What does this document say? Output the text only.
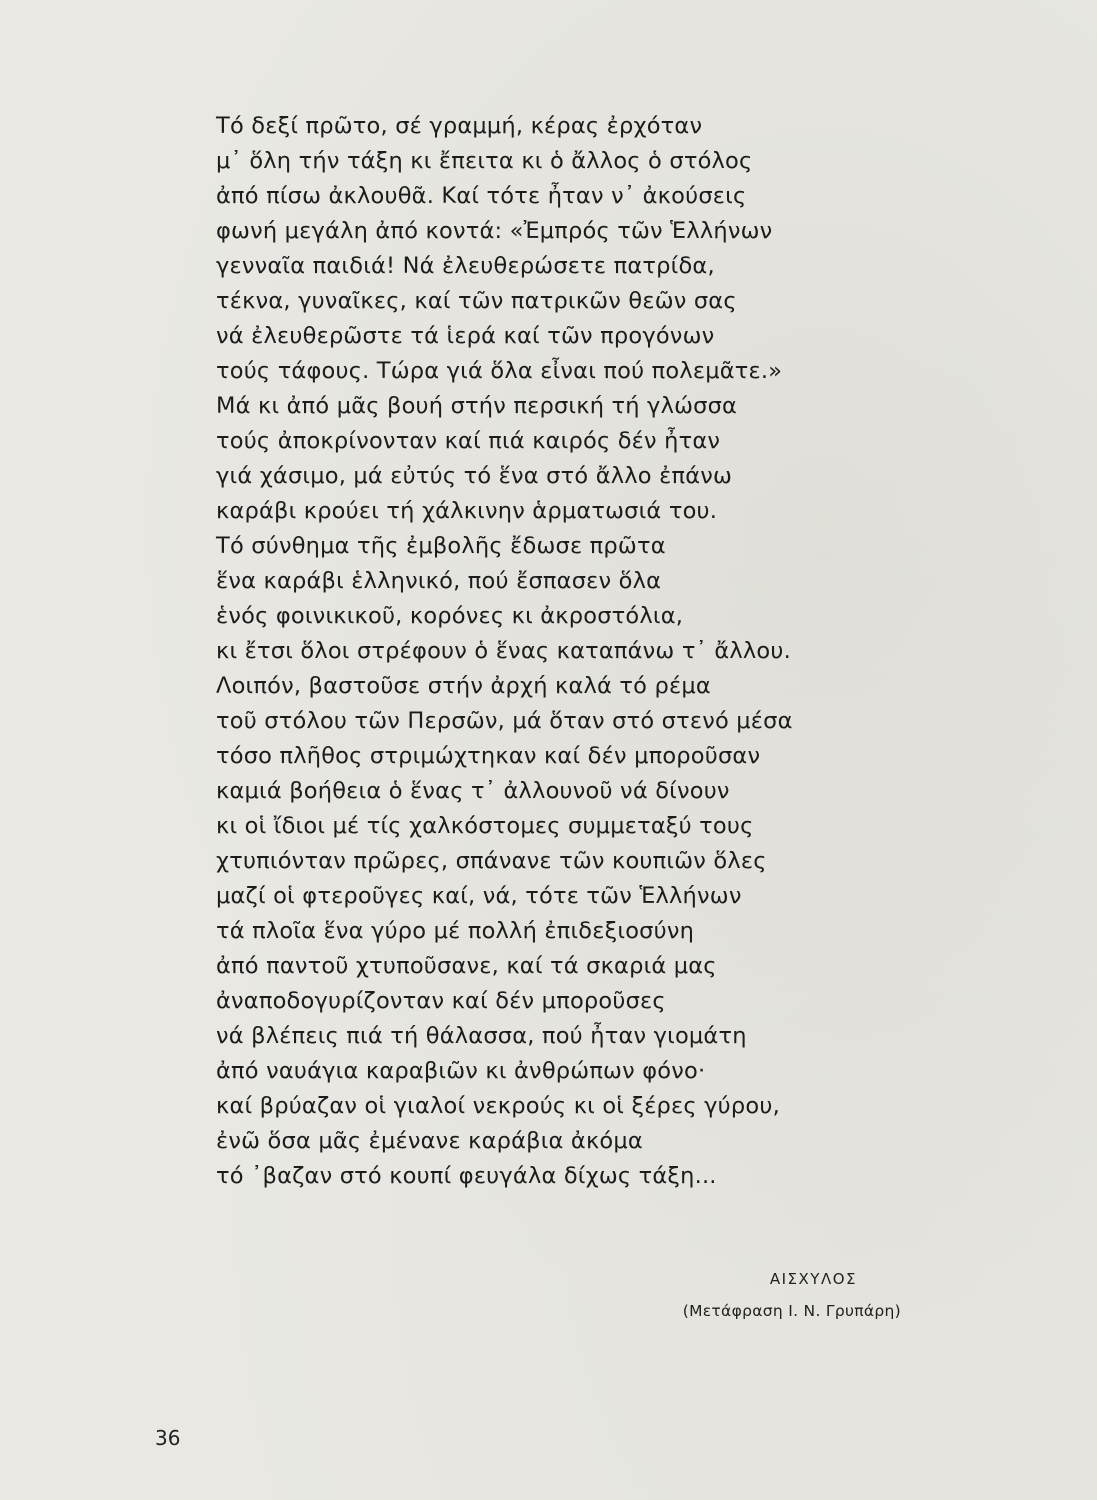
Τό δεξί πρῶτο, σέ γραμμή, κέρας ἐρχόταν
μ᾽ ὅλη τήν τάξη κι ἔπειτα κι ὁ ἄλλος ὁ στόλος
ἀπό πίσω ἀκλουθᾶ. Καί τότε ἦταν ν᾽ ἀκούσεις
φωνή μεγάλη ἀπό κοντά: «Ἐμπρός τῶν Ἑλλήνων
γενναῖα παιδιά! Νά ἐλευθερώσετε πατρίδα,
τέκνα, γυναῖκες, καί τῶν πατρικῶν θεῶν σας
νά ἐλευθερῶστε τά ἱερά καί τῶν προγόνων
τούς τάφους. Τώρα γιά ὅλα εἶναι πού πολεμᾶτε.»
Μά κι ἀπό μᾶς βουή στήν περσική τή γλώσσα
τούς ἀποκρίνονταν καί πιά καιρός δέν ἦταν
γιά χάσιμο, μά εὐτύς τό ἕνα στό ἄλλο ἐπάνω
καράβι κρούει τή χάλκινην ἁρματωσιά του.
Τό σύνθημα τῆς ἐμβολῆς ἔδωσε πρῶτα
ἕνα καράβι ἑλληνικό, πού ἔσπασεν ὅλα
ἑνός φοινικικοῦ, κορόνες κι ἀκροστόλια,
κι ἔτσι ὅλοι στρέφουν ὁ ἕνας καταπάνω τ᾽ ἄλλου.
Λοιπόν, βαστοῦσε στήν ἀρχή καλά τό ρέμα
τοῦ στόλου τῶν Περσῶν, μά ὅταν στό στενό μέσα
τόσο πλῆθος στριμώχτηκαν καί δέν μποροῦσαν
καμιά βοήθεια ὁ ἕνας τ᾽ ἀλλουνοῦ νά δίνουν
κι οἱ ἴδιοι μέ τίς χαλκόστομες συμμεταξύ τους
χτυπιόνταν πρῶρες, σπάνανε τῶν κουπιῶν ὅλες
μαζί οἱ φτεροῦγες καί, νά, τότε τῶν Ἑλλήνων
τά πλοῖα ἕνα γύρο μέ πολλή ἐπιδεξιοσύνη
ἀπό παντοῦ χτυποῦσανε, καί τά σκαριά μας
ἀναποδογυρίζονταν καί δέν μποροῦσες
νά βλέπεις πιά τή θάλασσα, πού ἦταν γιομάτη
ἀπό ναυάγια καραβιῶν κι ἀνθρώπων φόνο·
καί βρύαζαν οἱ γιαλοί νεκρούς κι οἱ ξέρες γύρου,
ἐνῶ ὅσα μᾶς ἐμένανε καράβια ἀκόμα
τό ᾽βαζαν στό κουπί φευγάλα δίχως τάξη...
ΑΙΣΧΥΛΟΣ
(Μετάφραση Ι. Ν. Γρυπάρη)
36
